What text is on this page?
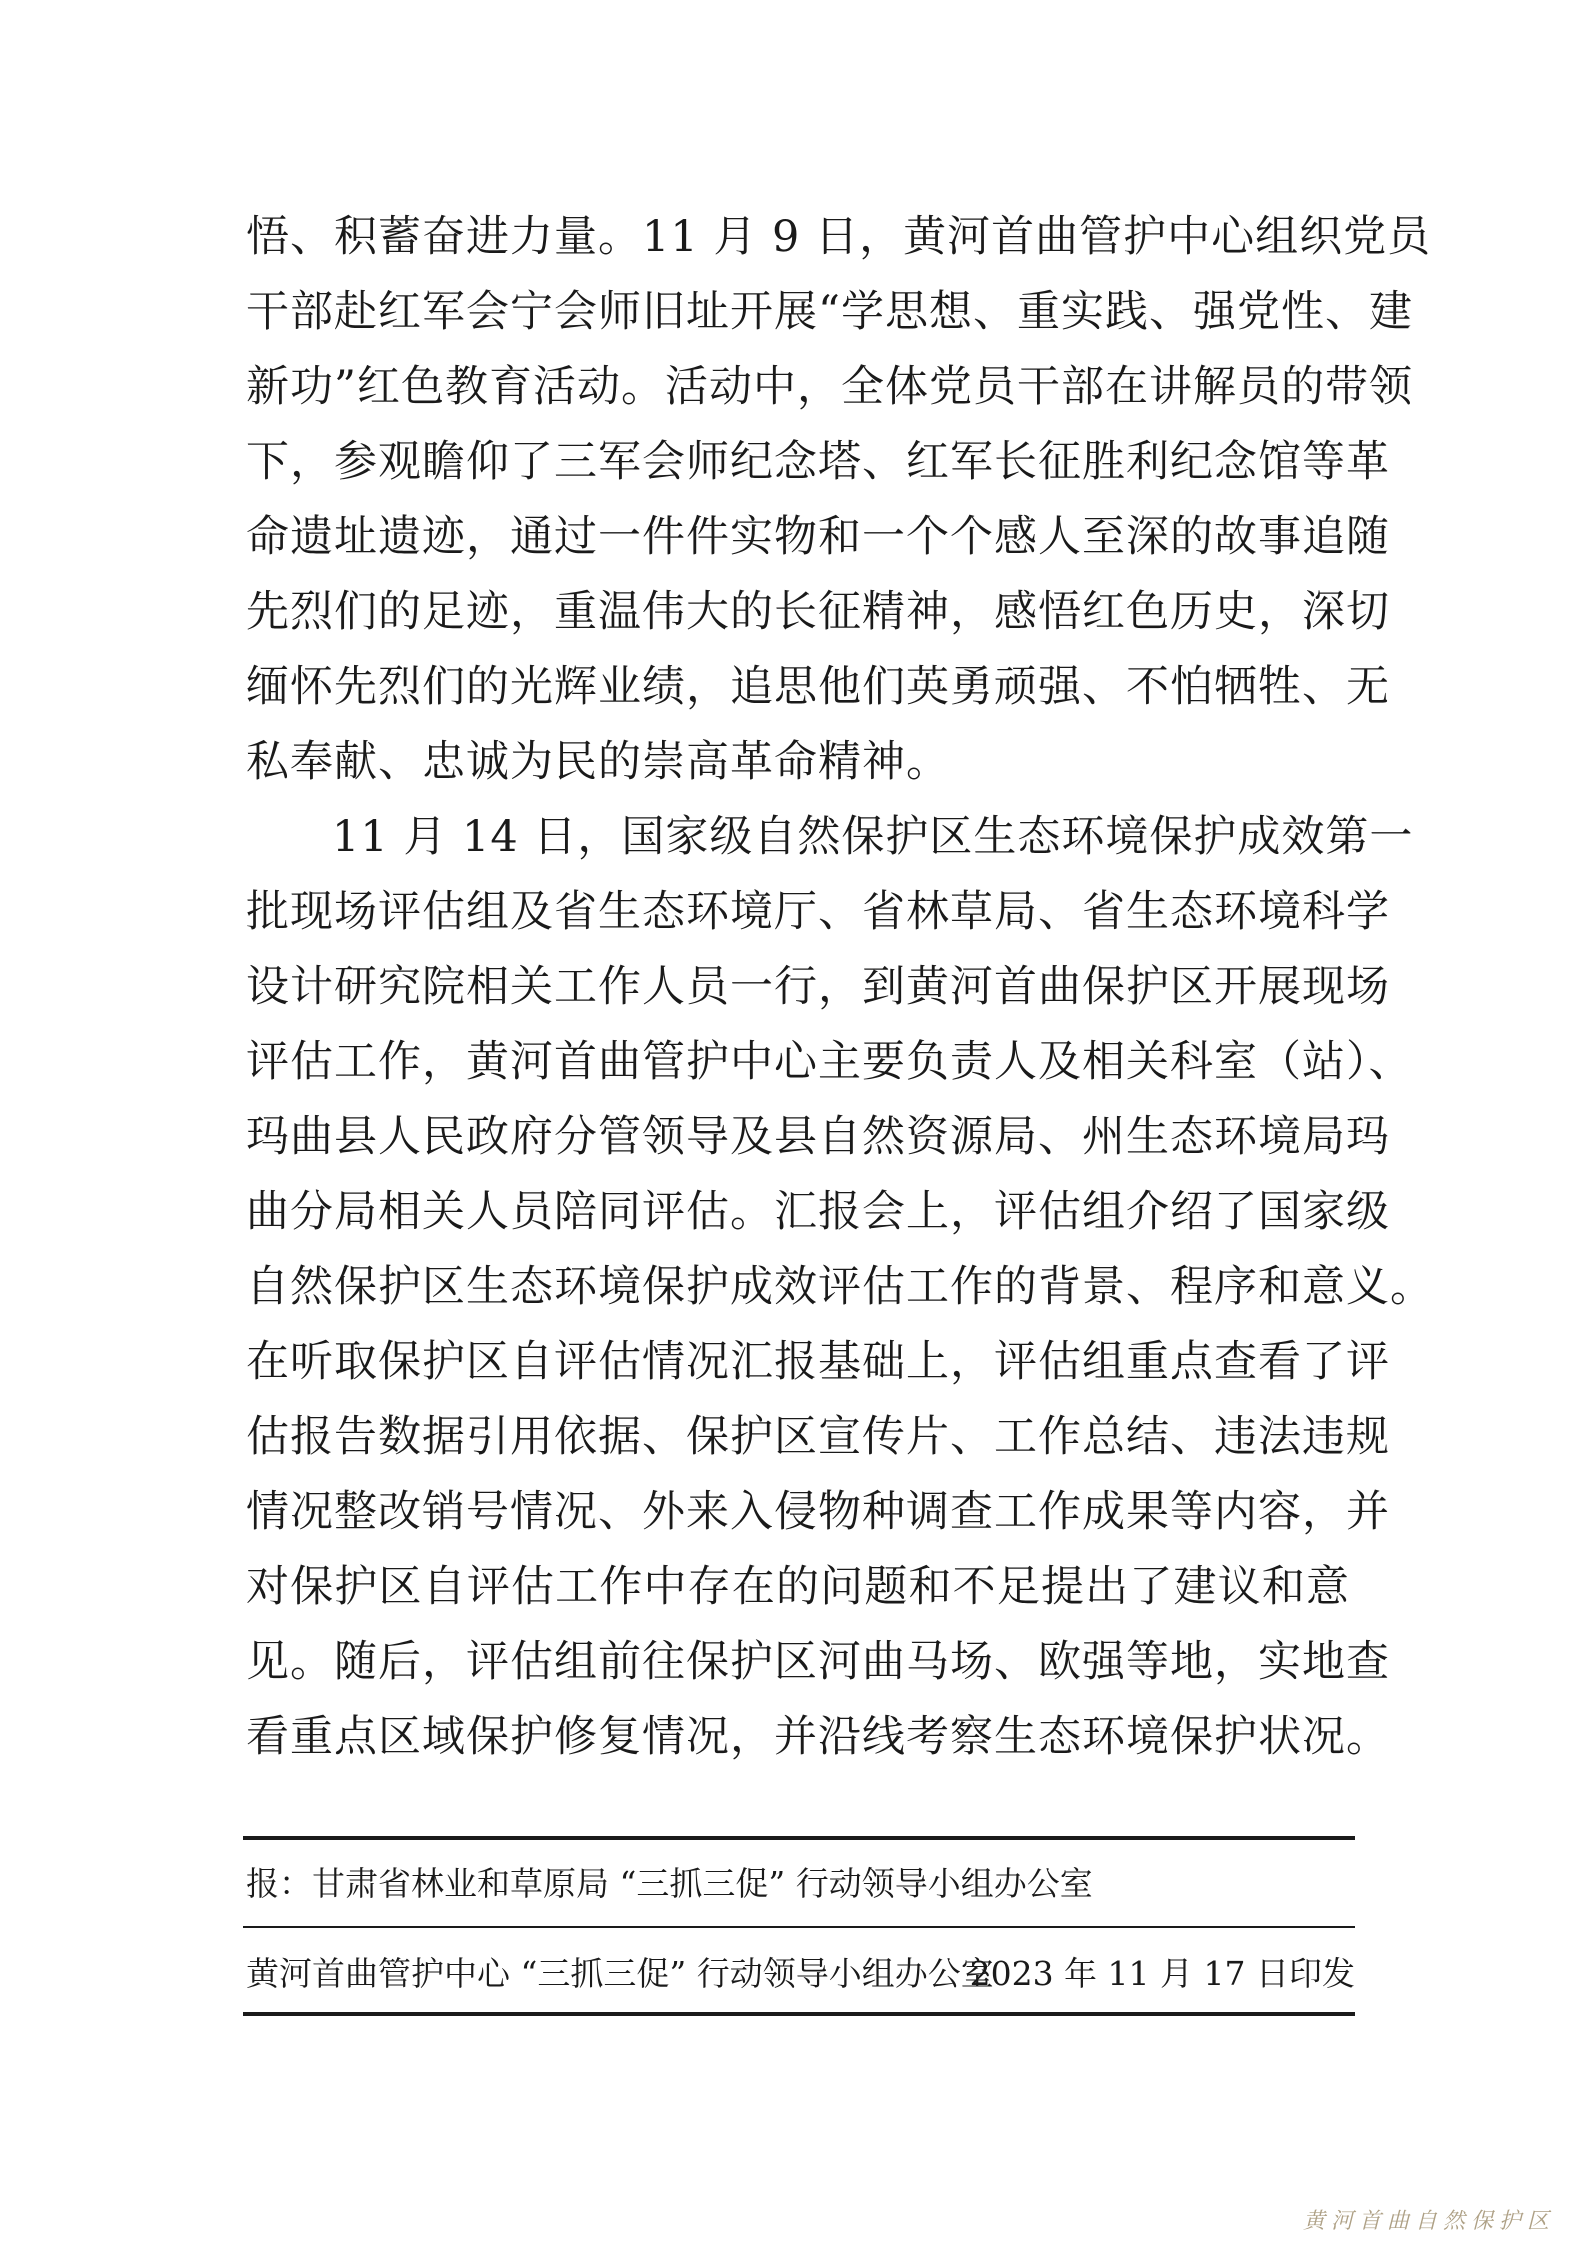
悟、积蓄奋进力量。11 月 9 日，黄河首曲管护中心组织党员
干部赴红军会宁会师旧址开展“学思想、重实践、强党性、建
新功”红色教育活动。活动中，全体党员干部在讲解员的带领
下，参观瞻仰了三军会师纪念塔、红军长征胜利纪念馆等革
命遗址遗迹，通过一件件实物和一个个感人至深的故事追随
先烈们的足迹，重温伟大的长征精神，感悟红色历史，深切
缅怀先烈们的光辉业绩，追思他们英勇顽强、不怕牺牲、无
私奉献、忠诚为民的崇高革命精神。
11 月 14 日，国家级自然保护区生态环境保护成效第一
批现场评估组及省生态环境厅、省林草局、省生态环境科学
设计研究院相关工作人员一行，到黄河首曲保护区开展现场
评估工作，黄河首曲管护中心主要负责人及相关科室（站）、
玛曲县人民政府分管领导及县自然资源局、州生态环境局玛
曲分局相关人员陪同评估。汇报会上，评估组介绍了国家级
自然保护区生态环境保护成效评估工作的背景、程序和意义。
在听取保护区自评估情况汇报基础上，评估组重点查看了评
估报告数据引用依据、保护区宣传片、工作总结、违法违规
情况整改销号情况、外来入侵物种调查工作成果等内容，并
对保护区自评估工作中存在的问题和不足提出了建议和意
见。随后，评估组前往保护区河曲马场、欧强等地，实地查
看重点区域保护修复情况，并沿线考察生态环境保护状况。
报：甘肃省林业和草原局 “三抓三促” 行动领导小组办公室
黄河首曲管护中心 “三抓三促” 行动领导小组办公室
2023 年 11 月 17 日印发
黄河首曲自然保护区
